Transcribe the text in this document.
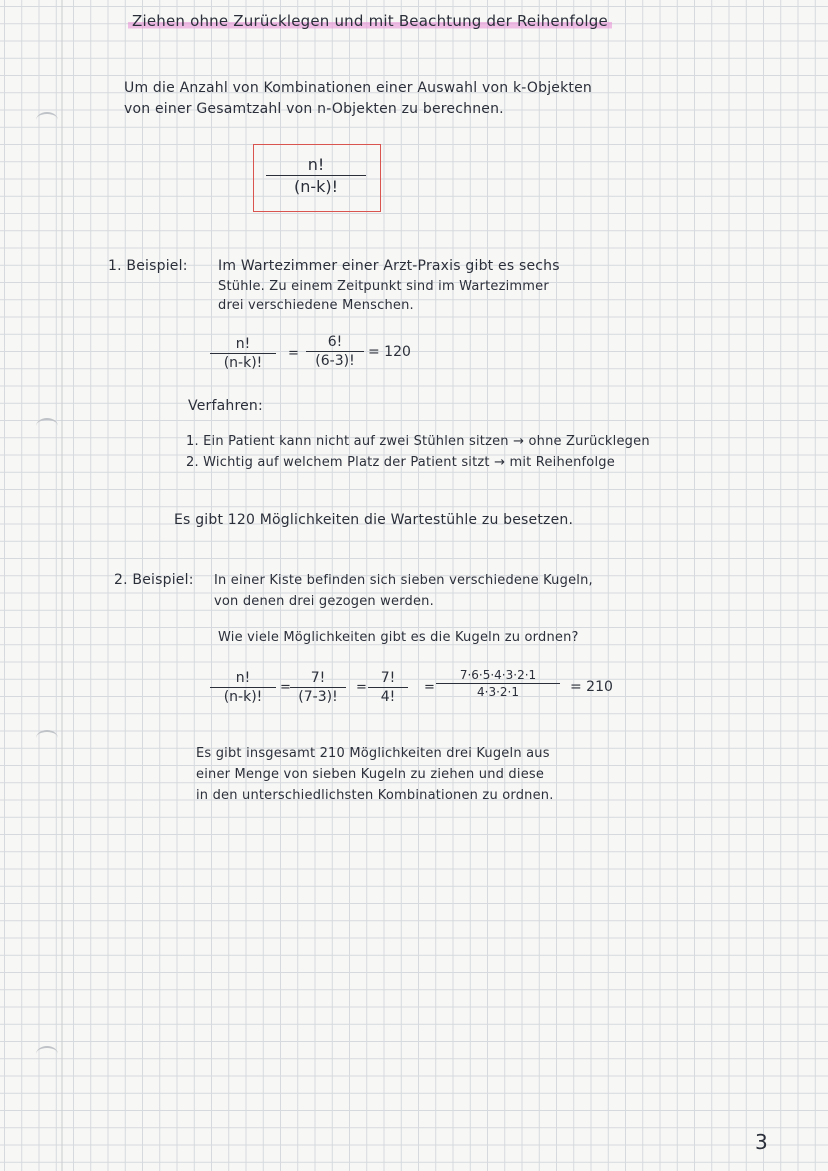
Ziehen ohne Zurücklegen und mit Beachtung der Reihenfolge
Um die Anzahl von Kombinationen einer Auswahl von k-Objekten
von einer Gesamtzahl von n-Objekten zu berechnen.
$\frac{n!}{(n-k)!}$
1. Beispiel: Im Wartezimmer einer Arzt-Praxis gibt es sechs
Stühle. Zu einem Zeitpunkt sind im Wartezimmer
drei verschiedene Menschen.
$\frac{n!}{(n-k)!} = \frac{6!}{(6-3)!} = 120$
Verfahren:
1. Ein Patient kann nicht auf zwei Stühlen sitzen → ohne Zurücklegen
2. Wichtig auf welchem Platz der Patient sitzt → mit Reihenfolge
Es gibt 120 Möglichkeiten die Wartestühle zu besetzen.
2. Beispiel: In einer Kiste befinden sich sieben verschiedene Kugeln,
von denen drei gezogen werden.
Wie viele Möglichkeiten gibt es die Kugeln zu ordnen?
$\frac{n!}{(n-k)!} = \frac{7!}{(7-3)!} = \frac{7!}{4!} = \frac{7\cdot 6\cdot 5\cdot 4\cdot 3\cdot 2\cdot 1}{4\cdot 3\cdot 2\cdot 1} = 210$
Es gibt insgesamt 210 Möglichkeiten drei Kugeln aus
einer Menge von sieben Kugeln zu ziehen und diese
in den unterschiedlichsten Kombinationen zu ordnen.
3
